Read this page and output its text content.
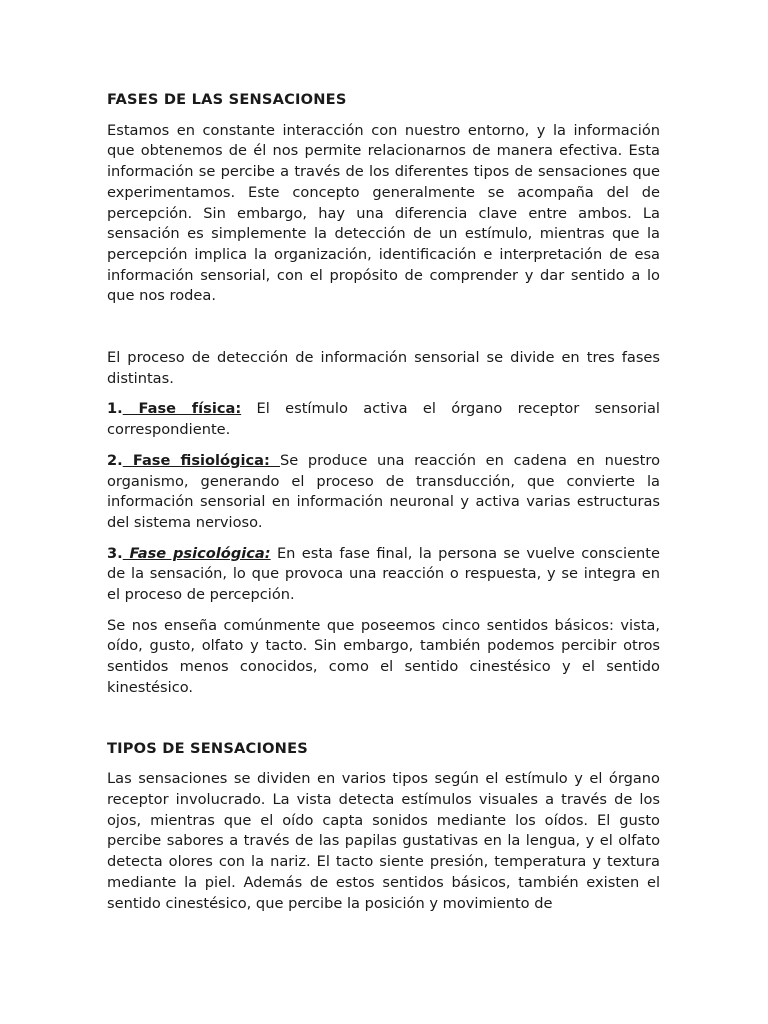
FASES DE LAS SENSACIONES

Estamos en constante interacción con nuestro entorno, y la información que obtenemos de él nos permite relacionarnos de manera efectiva. Esta información se percibe a través de los diferentes tipos de sensaciones que experimentamos. Este concepto generalmente se acompaña del de percepción. Sin embargo, hay una diferencia clave entre ambos. La sensación es simplemente la detección de un estímulo, mientras que la percepción implica la organización, identificación e interpretación de esa información sensorial, con el propósito de comprender y dar sentido a lo que nos rodea.

El proceso de detección de información sensorial se divide en tres fases distintas.

1. Fase física: El estímulo activa el órgano receptor sensorial correspondiente.

2. Fase fisiológica: Se produce una reacción en cadena en nuestro organismo, generando el proceso de transducción, que convierte la información sensorial en información neuronal y activa varias estructuras del sistema nervioso.

3. Fase psicológica: En esta fase final, la persona se vuelve consciente de la sensación, lo que provoca una reacción o respuesta, y se integra en el proceso de percepción.

Se nos enseña comúnmente que poseemos cinco sentidos básicos: vista, oído, gusto, olfato y tacto. Sin embargo, también podemos percibir otros sentidos menos conocidos, como el sentido cinestésico y el sentido kinestésico.

TIPOS DE SENSACIONES

Las sensaciones se dividen en varios tipos según el estímulo y el órgano receptor involucrado. La vista detecta estímulos visuales a través de los ojos, mientras que el oído capta sonidos mediante los oídos. El gusto percibe sabores a través de las papilas gustativas en la lengua, y el olfato detecta olores con la nariz. El tacto siente presión, temperatura y textura mediante la piel. Además de estos sentidos básicos, también existen el sentido cinestésico, que percibe la posición y movimiento de
